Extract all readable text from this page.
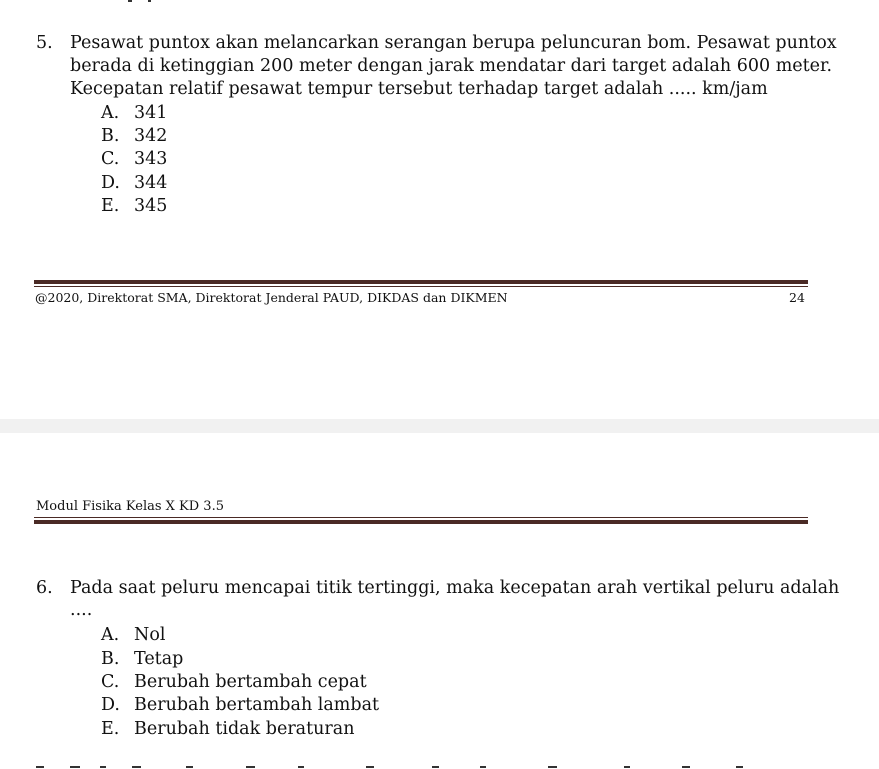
5. Pesawat puntox akan melancarkan serangan berupa peluncuran bom. Pesawat puntox
berada di ketinggian 200 meter dengan jarak mendatar dari target adalah 600 meter.
Kecepatan relatif pesawat tempur tersebut terhadap target adalah ..... km/jam
A. 341
B. 342
C. 343
D. 344
E. 345
@2020, Direktorat SMA, Direktorat Jenderal PAUD, DIKDAS dan DIKMEN	24
Modul Fisika Kelas X KD 3.5
6. Pada saat peluru mencapai titik tertinggi, maka kecepatan arah vertikal peluru adalah
....
A. Nol
B. Tetap
C. Berubah bertambah cepat
D. Berubah bertambah lambat
E. Berubah tidak beraturan
